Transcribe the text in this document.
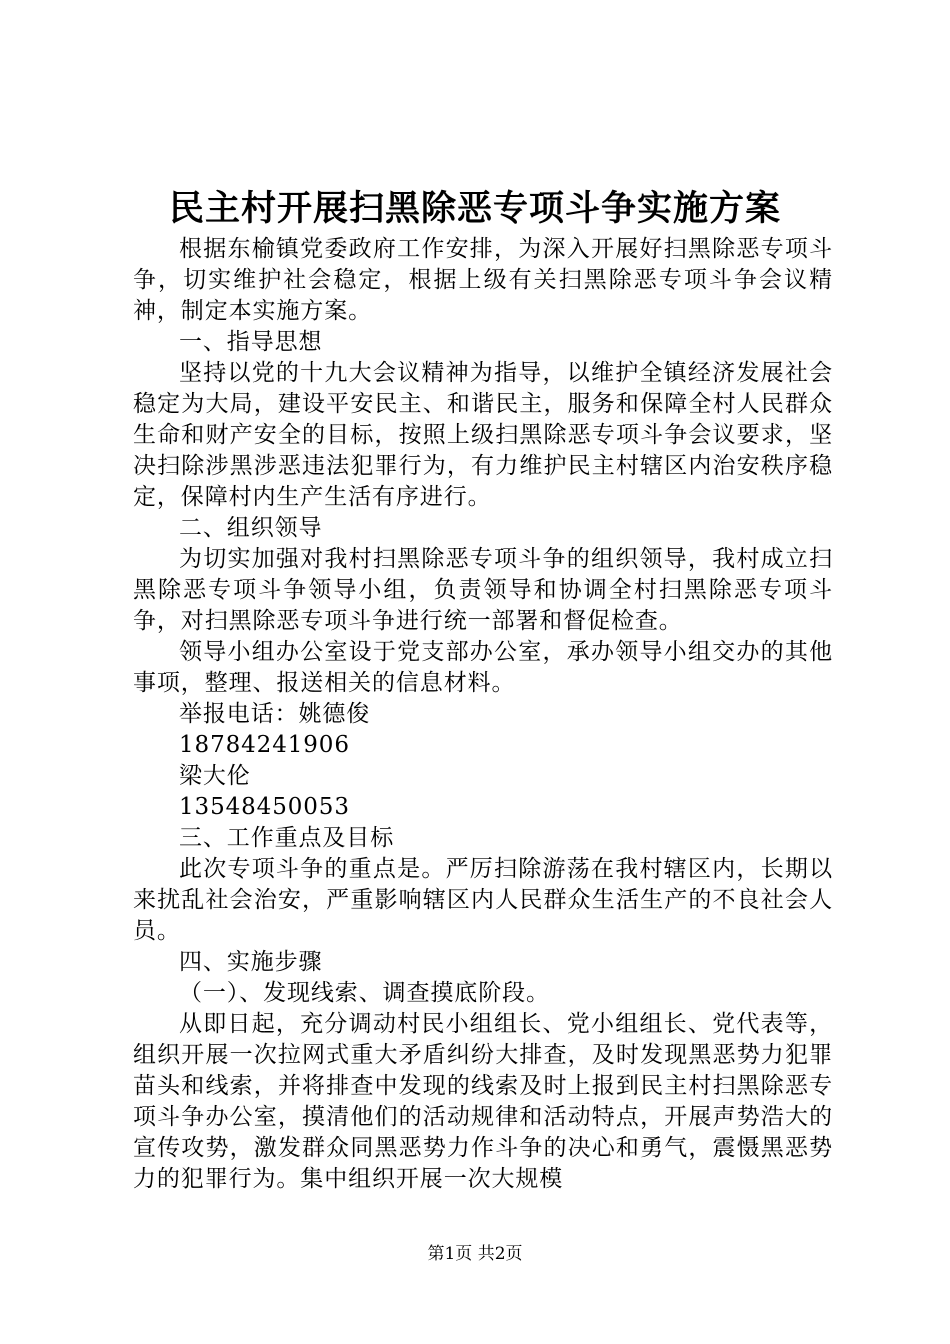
民主村开展扫黑除恶专项斗争实施方案

根据东榆镇党委政府工作安排，为深入开展好扫黑除恶专项斗争，切实维护社会稳定，根据上级有关扫黑除恶专项斗争会议精神，制定本实施方案。

一、指导思想

坚持以党的十九大会议精神为指导，以维护全镇经济发展社会稳定为大局，建设平安民主、和谐民主，服务和保障全村人民群众生命和财产安全的目标，按照上级扫黑除恶专项斗争会议要求，坚决扫除涉黑涉恶违法犯罪行为，有力维护民主村辖区内治安秩序稳定，保障村内生产生活有序进行。

二、组织领导

为切实加强对我村扫黑除恶专项斗争的组织领导，我村成立扫黑除恶专项斗争领导小组，负责领导和协调全村扫黑除恶专项斗争，对扫黑除恶专项斗争进行统一部署和督促检查。

领导小组办公室设于党支部办公室，承办领导小组交办的其他事项，整理、报送相关的信息材料。

举报电话：姚德俊

18784241906

梁大伦

13548450053

三、工作重点及目标

此次专项斗争的重点是。严厉扫除游荡在我村辖区内，长期以来扰乱社会治安，严重影响辖区内人民群众生活生产的不良社会人员。

四、实施步骤

（一）、发现线索、调查摸底阶段。

从即日起，充分调动村民小组组长、党小组组长、党代表等，组织开展一次拉网式重大矛盾纠纷大排查，及时发现黑恶势力犯罪苗头和线索，并将排查中发现的线索及时上报到民主村扫黑除恶专项斗争办公室，摸清他们的活动规律和活动特点，开展声势浩大的宣传攻势，激发群众同黑恶势力作斗争的决心和勇气，震慑黑恶势力的犯罪行为。集中组织开展一次大规模

第1页 共2页
